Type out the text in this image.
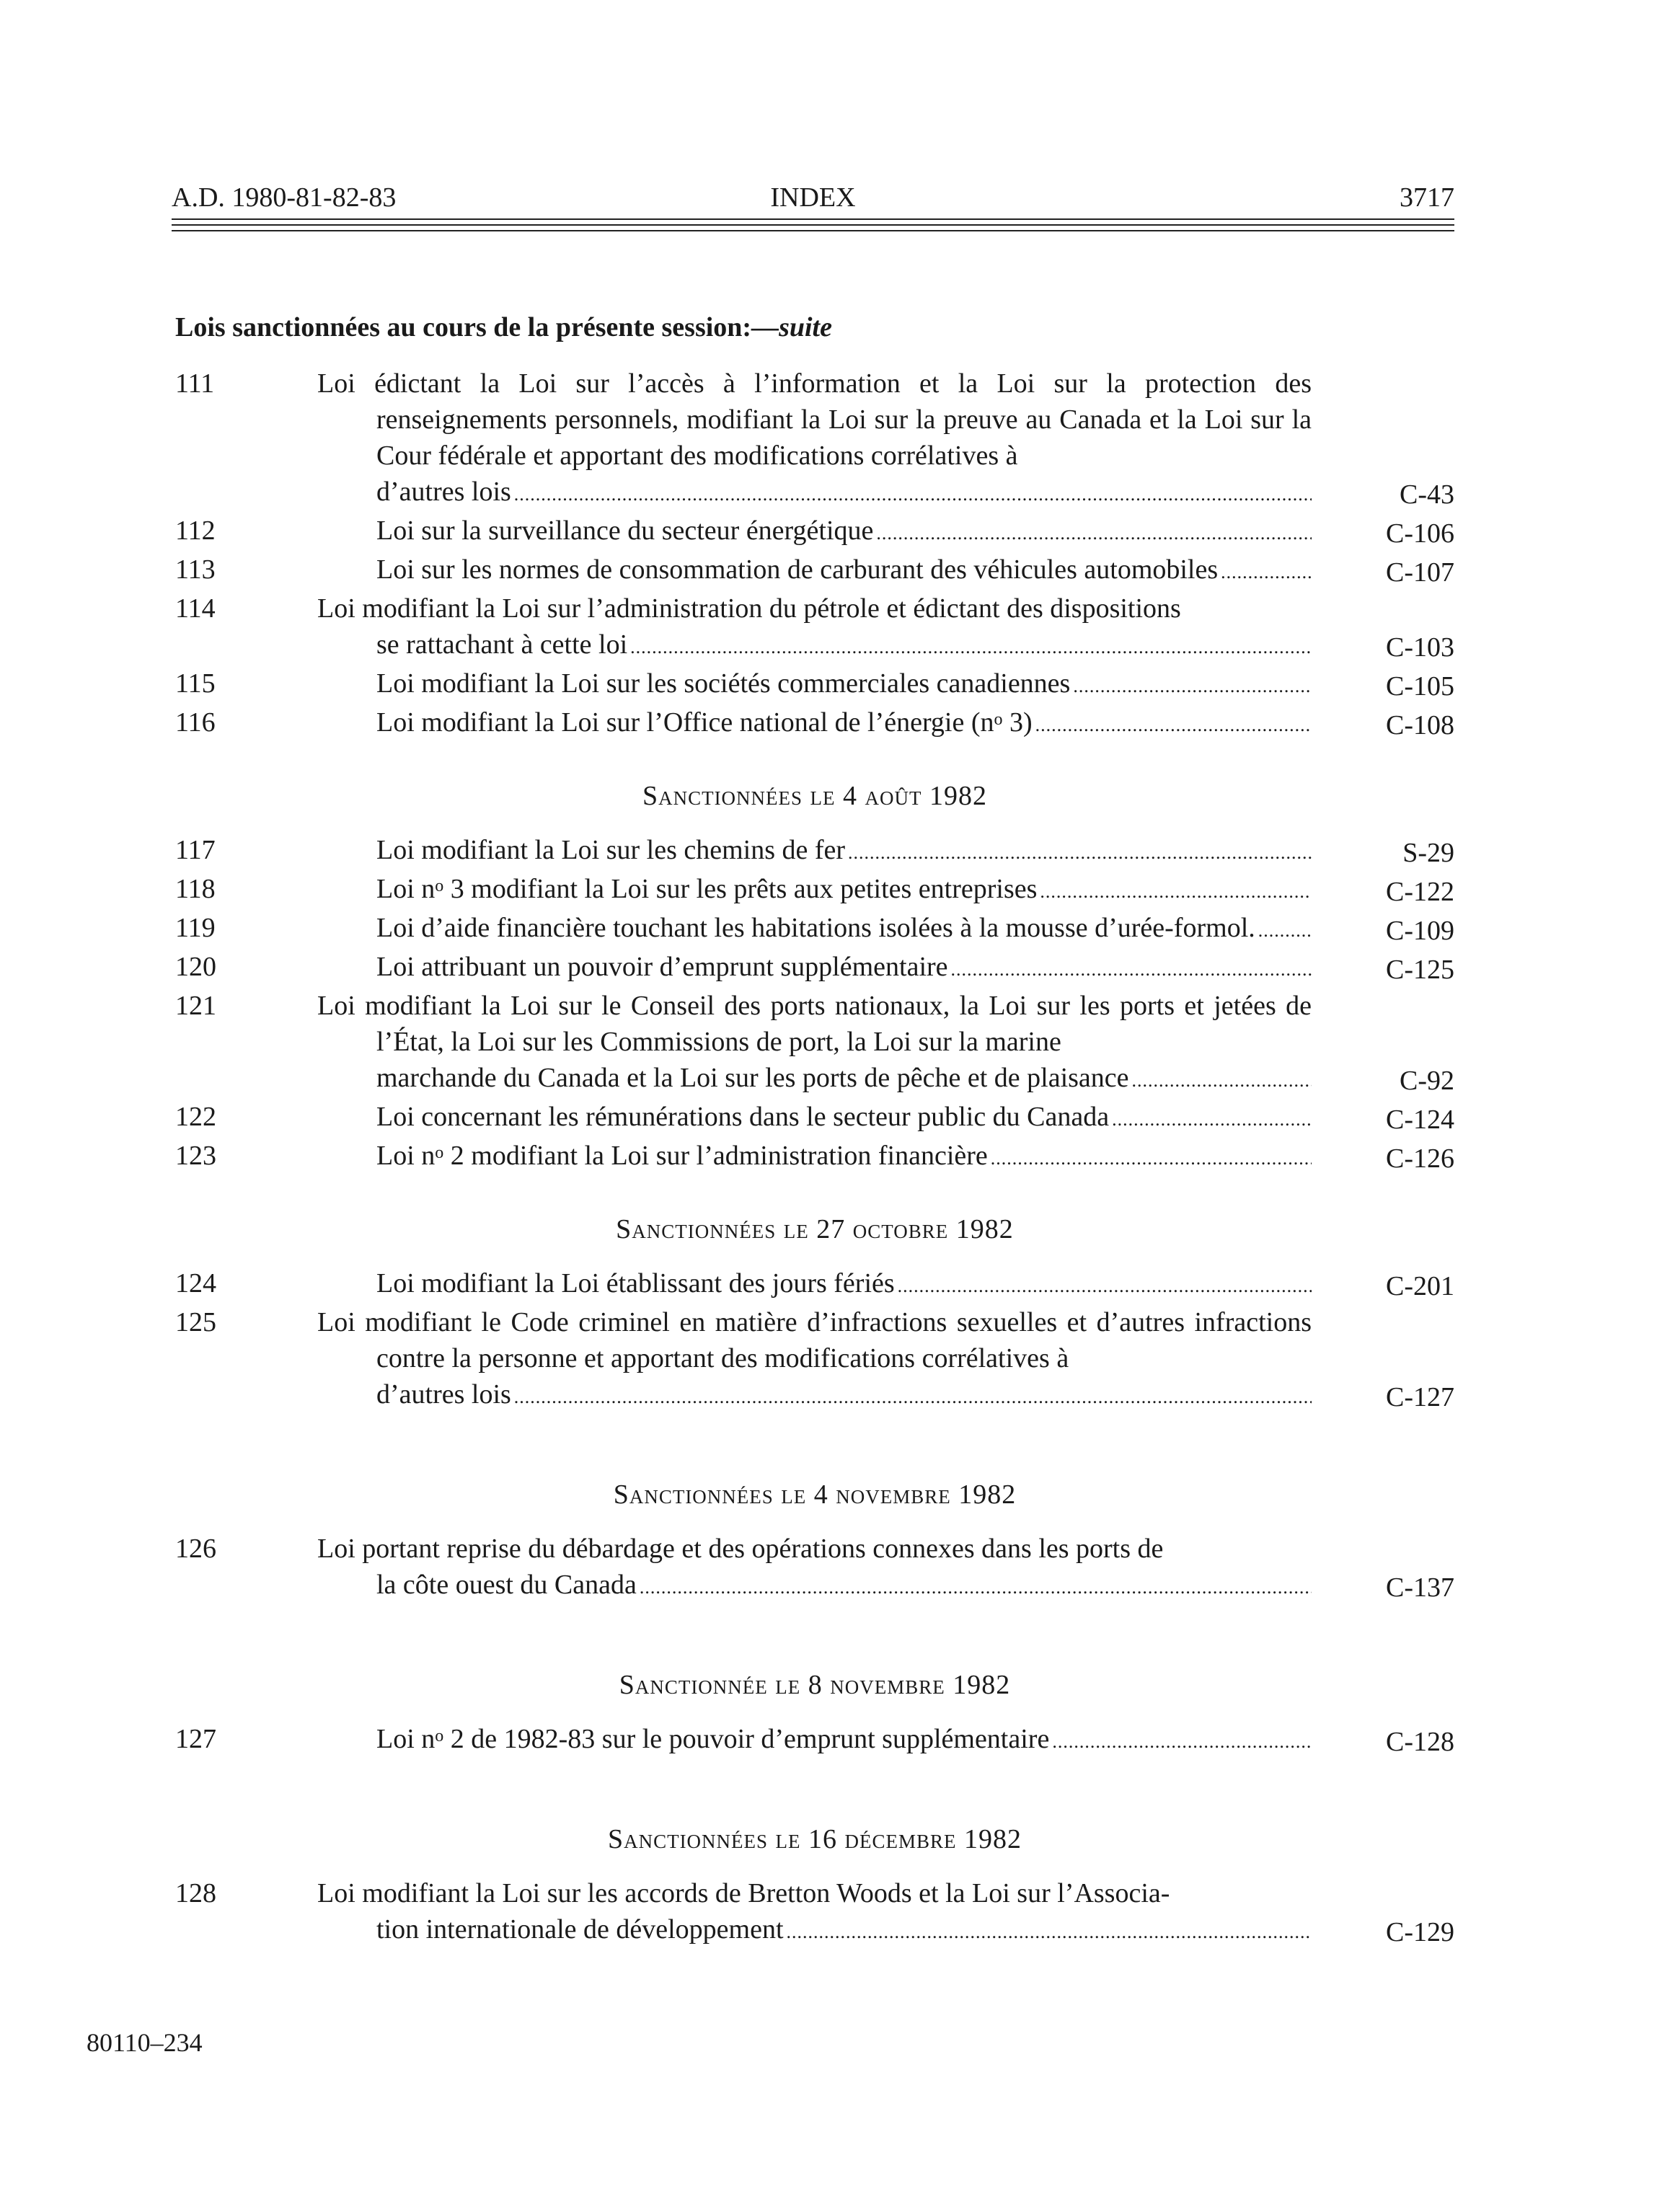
A.D. 1980-81-82-83	INDEX	3717
Lois sanctionnées au cours de la présente session:—suite
111	Loi édictant la Loi sur l’accès à l’information et la Loi sur la protection des renseignements personnels, modifiant la Loi sur la preuve au Canada et la Loi sur la Cour fédérale et apportant des modifications corrélatives à
d’autres lois .....	C-43
112	Loi sur la surveillance du secteur énergétique .....	C-106
113	Loi sur les normes de consommation de carburant des véhicules automobiles .....	C-107
114	Loi modifiant la Loi sur l’administration du pétrole et édictant des dispositions
se rattachant à cette loi .....	C-103
115	Loi modifiant la Loi sur les sociétés commerciales canadiennes .....	C-105
116	Loi modifiant la Loi sur l’Office national de l’énergie ($n^o$ 3) .....	C-108
Sanctionnées le 4 août 1982
117	Loi modifiant la Loi sur les chemins de fer .....	S-29
118	Loi $n^o$ 3 modifiant la Loi sur les prêts aux petites entreprises .....	C-122
119	Loi d’aide financière touchant les habitations isolées à la mousse d’urée-formol. .....	C-109
120	Loi attribuant un pouvoir d’emprunt supplémentaire .....	C-125
121	Loi modifiant la Loi sur le Conseil des ports nationaux, la Loi sur les ports et jetées de l’État, la Loi sur les Commissions de port, la Loi sur la marine
marchande du Canada et la Loi sur les ports de pêche et de plaisance .....	C-92
122	Loi concernant les rémunérations dans le secteur public du Canada .....	C-124
123	Loi $n^o$ 2 modifiant la Loi sur l’administration financière .....	C-126
Sanctionnées le 27 octobre 1982
124	Loi modifiant la Loi établissant des jours fériés .....	C-201
125	Loi modifiant le Code criminel en matière d’infractions sexuelles et d’autres infractions contre la personne et apportant des modifications corrélatives à
d’autres lois .....	C-127
Sanctionnées le 4 novembre 1982
126	Loi portant reprise du débardage et des opérations connexes dans les ports de
la côte ouest du Canada .....	C-137
Sanctionnée le 8 novembre 1982
127	Loi $n^o$ 2 de 1982-83 sur le pouvoir d’emprunt supplémentaire .....	C-128
Sanctionnées le 16 décembre 1982
128	Loi modifiant la Loi sur les accords de Bretton Woods et la Loi sur l’Associa-
tion internationale de développement .....	C-129
80110–234
